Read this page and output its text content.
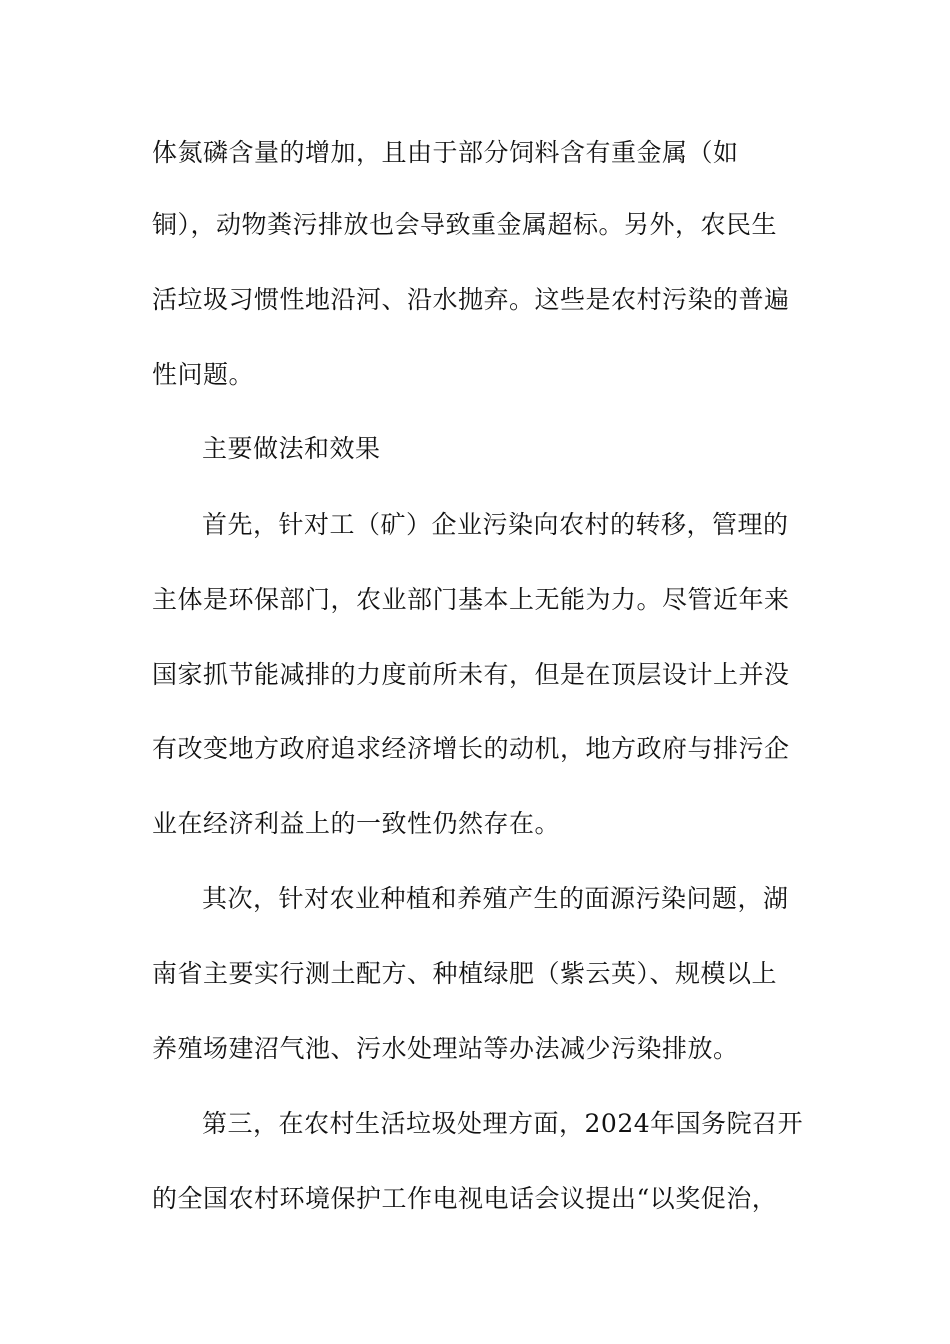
体氮磷含量的增加，且由于部分饲料含有重金属（如

铜），动物粪污排放也会导致重金属超标。另外，农民生

活垃圾习惯性地沿河、沿水抛弃。这些是农村污染的普遍

性问题。

主要做法和效果

首先，针对工（矿）企业污染向农村的转移，管理的

主体是环保部门，农业部门基本上无能为力。尽管近年来

国家抓节能减排的力度前所未有，但是在顶层设计上并没

有改变地方政府追求经济增长的动机，地方政府与排污企

业在经济利益上的一致性仍然存在。

其次，针对农业种植和养殖产生的面源污染问题，湖

南省主要实行测土配方、种植绿肥（紫云英）、规模以上

养殖场建沼气池、污水处理站等办法减少污染排放。

第三，在农村生活垃圾处理方面，2024年国务院召开

的全国农村环境保护工作电视电话会议提出“以奖促治，
